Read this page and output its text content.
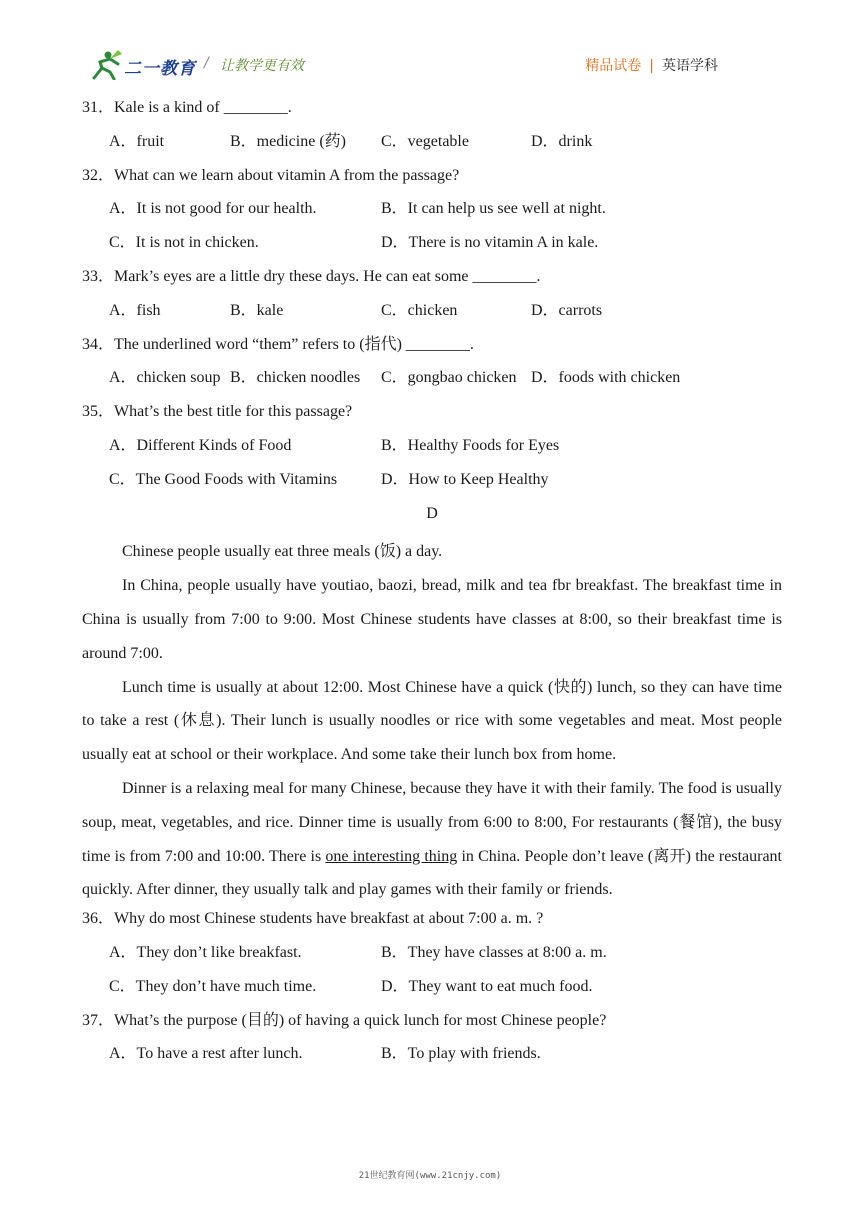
二一教育 / 让教学更有效	精品试卷 | 英语学科
31．Kale is a kind of ________.
A．fruit	B．medicine (药) C．vegetable	D．drink
32．What can we learn about vitamin A from the passage?
A．It is not good for our health.	B．It can help us see well at night.
C．It is not in chicken.	D．There is no vitamin A in kale.
33．Mark’s eyes are a little dry these days. He can eat some ________.
A．fish	B．kale	C．chicken	D．carrots
34．The underlined word “them” refers to (指代) ________.
A．chicken soup B．chicken noodles C．gongbao chicken D．foods with chicken
35．What’s the best title for this passage?
A．Different Kinds of Food	B．Healthy Foods for Eyes
C．The Good Foods with Vitamins	D．How to Keep Healthy
D

Chinese people usually eat three meals (饭) a day.

In China, people usually have youtiao, baozi, bread, milk and tea fbr breakfast. The breakfast time in China is usually from 7:00 to 9:00. Most Chinese students have classes at 8:00, so their breakfast time is around 7:00.

Lunch time is usually at about 12:00. Most Chinese have a quick (快的) lunch, so they can have time to take a rest (休息). Their lunch is usually noodles or rice with some vegetables and meat. Most people usually eat at school or their workplace. And some take their lunch box from home.

Dinner is a relaxing meal for many Chinese, because they have it with their family. The food is usually soup, meat, vegetables, and rice. Dinner time is usually from 6:00 to 8:00, For restaurants (餐馆), the busy time is from 7:00 and 10:00. There is one interesting thing in China. People don’t leave (离开) the restaurant quickly. After dinner, they usually talk and play games with their family or friends.

36．Why do most Chinese students have breakfast at about 7:00 a. m. ?
A．They don’t like breakfast.	B．They have classes at 8:00 a. m.
C．They don’t have much time.	D．They want to eat much food.
37．What’s the purpose (目的) of having a quick lunch for most Chinese people?
A．To have a rest after lunch.	B．To play with friends.
21世纪教育网(www.21cnjy.com)
